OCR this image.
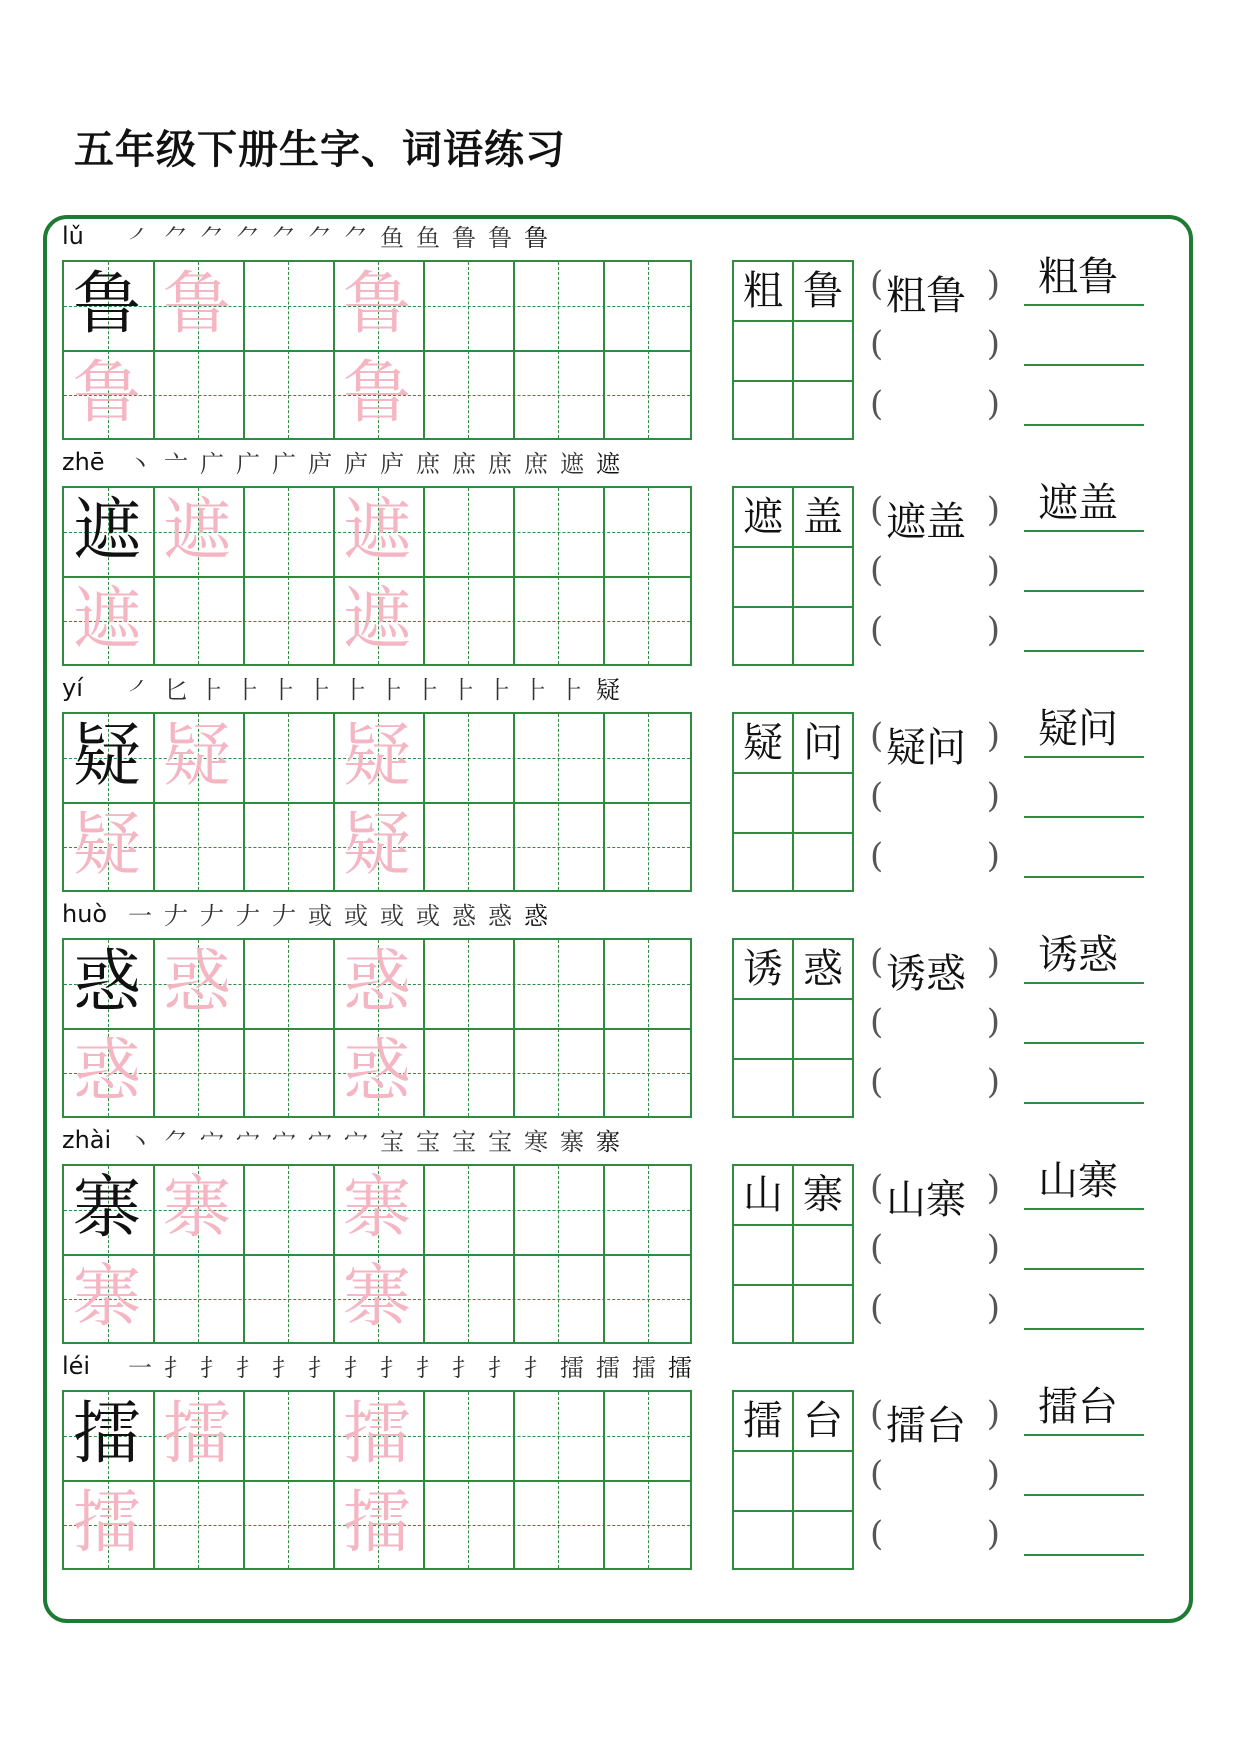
五年级下册生字、词语练习
lǔ ㇒ ⺈ ⺈ ⺈ ⺈ ⺈ ⺈ 鱼 鱼 鲁 鲁 鲁
鲁 鲁 鲁
鲁	鲁
粗 鲁 (	)
粗鲁
(	)
(	)
粗鲁
zhē 丶 亠 广 广 广 庐 庐 庐 庶 庶 庶 庶 遮 遮
遮 遮 遮
遮	遮
遮 盖 (	)
遮盖
(	)
(	)
遮盖
yí ㇒ 匕 ⺊ ⺊ ⺊ ⺊ ⺊ ⺊ ⺊ ⺊ ⺊ ⺊ ⺊ 疑
疑 疑 疑
疑	疑
疑 问 (	)
疑问
(	)
(	)
疑问
huò 一 𠂇 𠂇 𠂇 𠂇 或 或 或 或 惑 惑 惑
惑 惑 惑
惑	惑
诱 惑 (	)
诱惑
(	)
(	)
诱惑
zhài 丶 ⺈ 宀 宀 宀 宀 宀 宝 宝 宝 宝 寒 寨 寨
寨 寨 寨
寨	寨
山 寨 (	)
山寨
(	)
(	)
山寨
léi 一 扌 扌 扌 扌 扌 扌 扌 扌 扌 扌 扌 擂 擂 擂 擂
擂 擂 擂
擂	擂
擂 台 (	)
擂台
(	)
(	)
擂台
